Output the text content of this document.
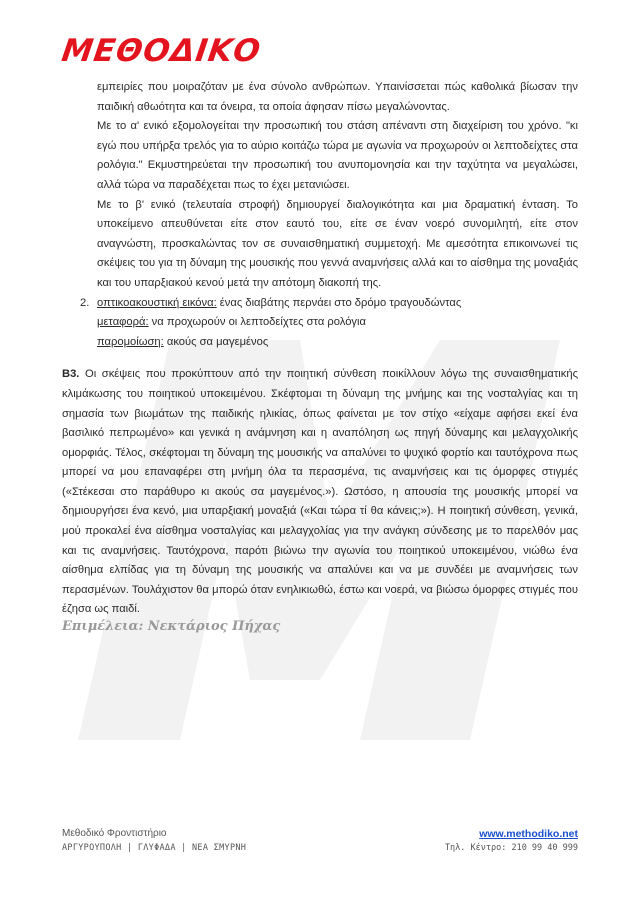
ΜΕΘΟΔΙΚΟ

εμπειρίες που μοιραζόταν με ένα σύνολο ανθρώπων. Υπαινίσσεται πώς καθολικά βίωσαν την παιδική αθωότητα και τα όνειρα, τα οποία άφησαν πίσω μεγαλώνοντας.

Με το α' ενικό εξομολογείται την προσωπική του στάση απέναντι στη διαχείριση του χρόνο. "κι εγώ που υπήρξα τρελός για το αύριο κοιτάζω τώρα με αγωνία να προχωρούν οι λεπτοδείχτες στα ρολόγια." Εκμυστηρεύεται την προσωπική του ανυπομονησία και την ταχύτητα να μεγαλώσει, αλλά τώρα να παραδέχεται πως το έχει μετανιώσει.

Με το β' ενικό (τελευταία στροφή) δημιουργεί διαλογικότητα και μια δραματική ένταση. Το υποκείμενο απευθύνεται είτε στον εαυτό του, είτε σε έναν νοερό συνομιλητή, είτε στον αναγνώστη, προσκαλώντας τον σε συναισθηματική συμμετοχή. Με αμεσότητα επικοινωνεί τις σκέψεις του για τη δύναμη της μουσικής που γεννά αναμνήσεις αλλά και το αίσθημα της μοναξιάς και του υπαρξιακού κενού μετά την απότομη διακοπή της.

2. οπτικοακουστική εικόνα: ένας διαβάτης περνάει στο δρόμο τραγουδώντας
μεταφορά: να προχωρούν οι λεπτοδείχτες στα ρολόγια
παρομοίωση: ακούς σα μαγεμένος

Β3. Οι σκέψεις που προκύπτουν από την ποιητική σύνθεση ποικίλλουν λόγω της συναισθηματικής κλιμάκωσης του ποιητικού υποκειμένου. Σκέφτομαι τη δύναμη της μνήμης και της νοσταλγίας και τη σημασία των βιωμάτων της παιδικής ηλικίας, όπως φαίνεται με τον στίχο «είχαμε αφήσει εκεί ένα βασιλικό πεπρωμένο» και γενικά η ανάμνηση και η αναπόληση ως πηγή δύναμης και μελαγχολικής ομορφιάς. Τέλος, σκέφτομαι τη δύναμη της μουσικής να απαλύνει το ψυχικό φορτίο και ταυτόχρονα πως μπορεί να μου επαναφέρει στη μνήμη όλα τα περασμένα, τις αναμνήσεις και τις όμορφες στιγμές («Στέκεσαι στο παράθυρο κι ακούς σα μαγεμένος.»). Ωστόσο, η απουσία της μουσικής μπορεί να δημιουργήσει ένα κενό, μια υπαρξιακή μοναξιά («Και τώρα τί θα κάνεις;»). Η ποιητική σύνθεση, γενικά, μού προκαλεί ένα αίσθημα νοσταλγίας και μελαγχολίας για την ανάγκη σύνδεσης με το παρελθόν μας και τις αναμνήσεις. Ταυτόχρονα, παρότι βιώνω την αγωνία του ποιητικού υποκειμένου, νιώθω ένα αίσθημα ελπίδας για τη δύναμη της μουσικής να απαλύνει και να με συνδέει με αναμνήσεις των περασμένων. Τουλάχιστον θα μπορώ όταν ενηλικιωθώ, έστω και νοερά, να βιώσω όμορφες στιγμές που έζησα ως παιδί.

Επιμέλεια: Νεκτάριος Πήχας
Μεθοδικό Φροντιστήριο	www.methodiko.net
ΑΡΓΥΡΟΥΠΟΛΗ | ΓΛΥΦΑΔΑ | ΝΕΑ ΣΜΥΡΝΗ	Τηλ. Κέντρο: 210 99 40 999
